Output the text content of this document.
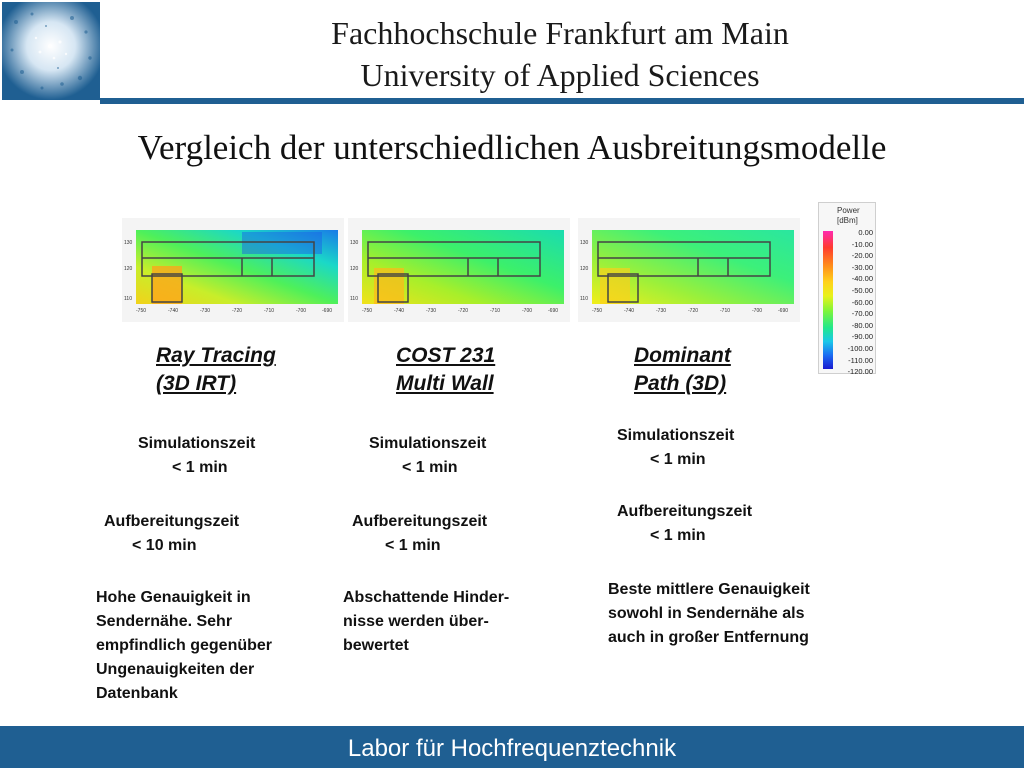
Fachhochschule Frankfurt am Main
University of Applied Sciences
Vergleich der unterschiedlichen Ausbreitungsmodelle
130
120
110
-750	-740	-730	-720	-710	-700	-690
130
120
110
-750	-740	-730	-720	-710	-700	-690
130
120
110
-750	-740	-730	-720	-710	-700	-690
Power
[dBm]
0.00
-10.00
-20.00
-30.00
-40.00
-50.00
-60.00
-70.00
-80.00
-90.00
-100.00
-110.00
-120.00
Ray Tracing
(3D IRT)
Simulationszeit
< 1 min
Aufbereitungszeit
< 10 min
Hohe Genauigkeit in
Sendernähe. Sehr
empfindlich gegenüber
Ungenauigkeiten der
Datenbank
COST 231
Multi Wall
Simulationszeit
< 1 min
Aufbereitungszeit
< 1 min
Abschattende Hinder-
nisse werden über-
bewertet
Dominant
Path (3D)
Simulationszeit
< 1 min
Aufbereitungszeit
< 1 min
Beste mittlere Genauigkeit
sowohl in Sendernähe als
auch in großer Entfernung
Labor für Hochfrequenztechnik
